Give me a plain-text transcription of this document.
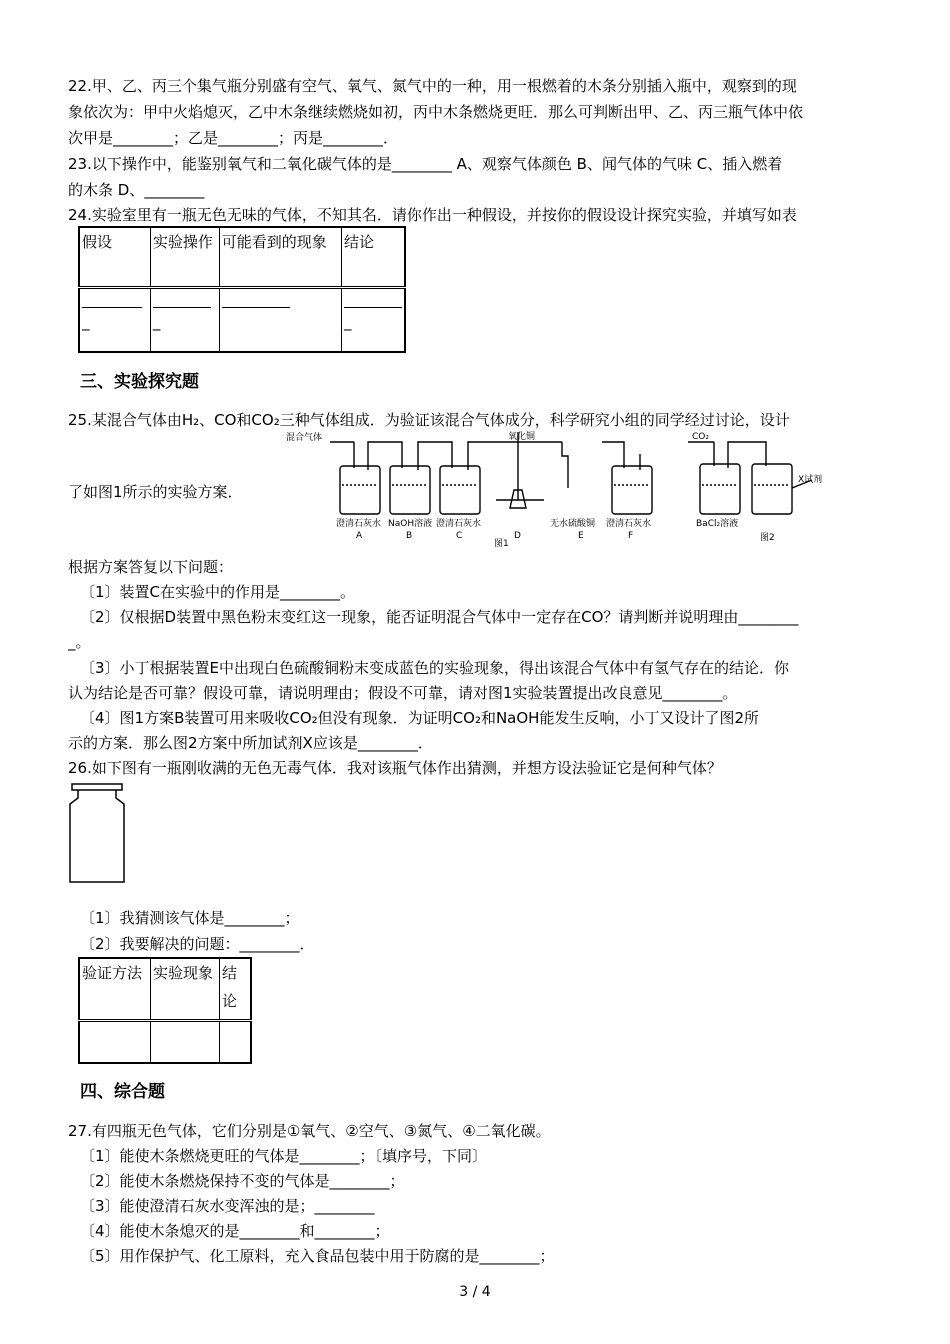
22.甲、乙、丙三个集气瓶分别盛有空气、氧气、氮气中的一种，用一根燃着的木条分别插入瓶中，观察到的现
象依次为：甲中火焰熄灭，乙中木条继续燃烧如初，丙中木条燃烧更旺．那么可判断出甲、乙、丙三瓶气体中依
次甲是________；乙是________；丙是________．
23.以下操作中，能鉴别氧气和二氧化碳气体的是________ A、观察气体颜色 B、闻气体的气味 C、插入燃着
的木条 D、________
24.实验室里有一瓶无色无味的气体，不知其名．请你作出一种假设，并按你的假设设计探究实验，并填写如表
假设	实验操作	可能看到的现象	结论

_	_		_
三、实验探究题
25.某混合气体由H₂、CO和CO₂三种气体组成．为验证该混合气体成分，科学研究小组的同学经过讨论，设计
了如图1所示的实验方案．
混合气体	氧化铜
澄清石灰水 NaOH溶液 澄清石灰水	无水硫酸铜 澄清石灰水
A	B	C	D	E	F
图1
CO₂
BaCl₂溶液
X试剂
图2
根据方案答复以下问题：
〔1〕装置C在实验中的作用是________。
〔2〕仅根据D装置中黑色粉末变红这一现象，能否证明混合气体中一定存在CO？请判断并说明理由________
_。
〔3〕小丁根据装置E中出现白色硫酸铜粉末变成蓝色的实验现象，得出该混合气体中有氢气存在的结论．你
认为结论是否可靠？假设可靠，请说明理由；假设不可靠，请对图1实验装置提出改良意见________。
〔4〕图1方案B装置可用来吸收CO₂但没有现象．为证明CO₂和NaOH能发生反响，小丁又设计了图2所
示的方案．那么图2方案中所加试剂X应该是________．
26.如下图有一瓶刚收满的无色无毒气体．我对该瓶气体作出猜测，并想方设法验证它是何种气体？
〔1〕我猜测该气体是________；
〔2〕我要解决的问题：________．
验证方法	实验现象	结论

四、综合题
27.有四瓶无色气体，它们分别是①氧气、②空气、③氮气、④二氧化碳。
〔1〕能使木条燃烧更旺的气体是________；〔填序号，下同〕
〔2〕能使木条燃烧保持不变的气体是________；
〔3〕能使澄清石灰水变浑浊的是；________
〔4〕能使木条熄灭的是________和________；
〔5〕用作保护气、化工原料，充入食品包装中用于防腐的是________；
3 / 4
